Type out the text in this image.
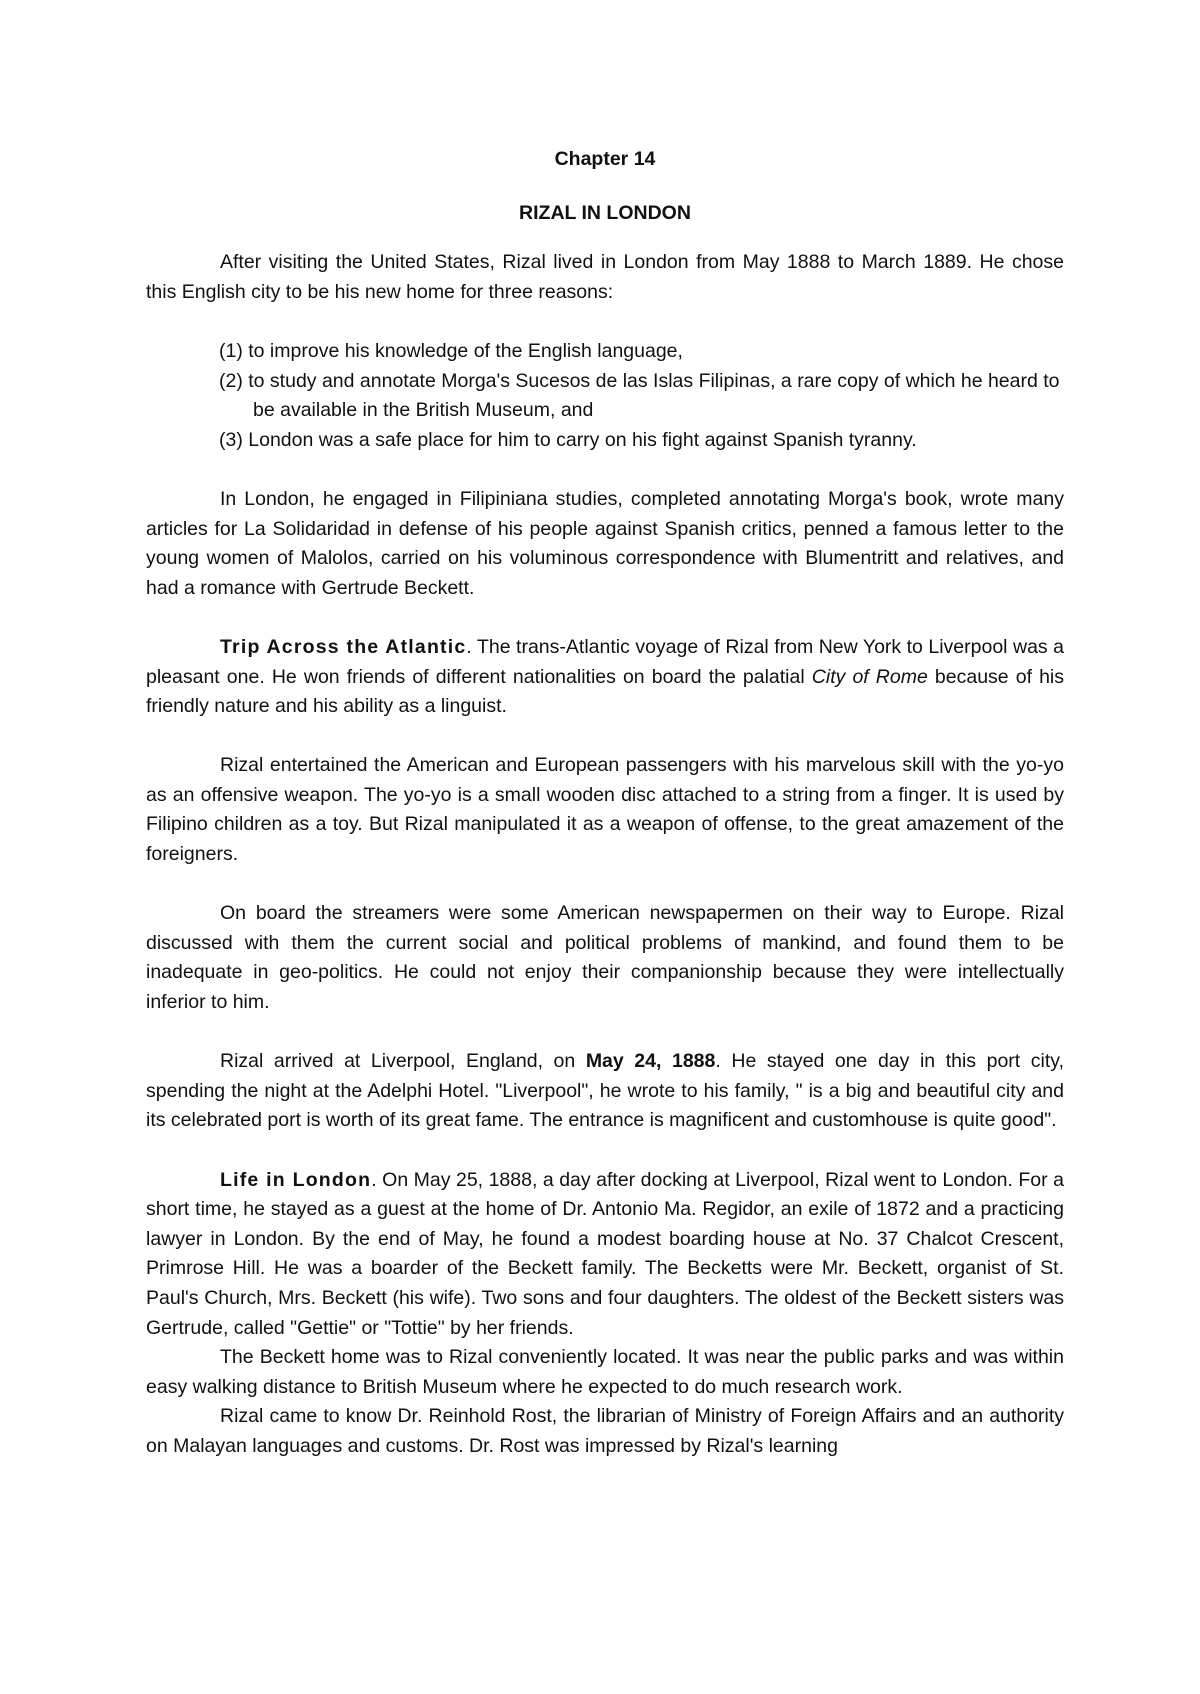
Chapter 14
RIZAL IN LONDON

After visiting the United States, Rizal lived in London from May 1888 to March 1889. He chose this English city to be his new home for three reasons:

(1) to improve his knowledge of the English language,
(2) to study and annotate Morga's Sucesos de las Islas Filipinas, a rare copy of which he heard to be available in the British Museum, and
(3) London was a safe place for him to carry on his fight against Spanish tyranny.

In London, he engaged in Filipiniana studies, completed annotating Morga's book, wrote many articles for La Solidaridad in defense of his people against Spanish critics, penned a famous letter to the young women of Malolos, carried on his voluminous correspondence with Blumentritt and relatives, and had a romance with Gertrude Beckett.

Trip Across the Atlantic. The trans-Atlantic voyage of Rizal from New York to Liverpool was a pleasant one. He won friends of different nationalities on board the palatial City of Rome because of his friendly nature and his ability as a linguist.

Rizal entertained the American and European passengers with his marvelous skill with the yo-yo as an offensive weapon. The yo-yo is a small wooden disc attached to a string from a finger. It is used by Filipino children as a toy. But Rizal manipulated it as a weapon of offense, to the great amazement of the foreigners.

On board the streamers were some American newspapermen on their way to Europe. Rizal discussed with them the current social and political problems of mankind, and found them to be inadequate in geo-politics. He could not enjoy their companionship because they were intellectually inferior to him.

Rizal arrived at Liverpool, England, on May 24, 1888. He stayed one day in this port city, spending the night at the Adelphi Hotel. "Liverpool", he wrote to his family, " is a big and beautiful city and its celebrated port is worth of its great fame. The entrance is magnificent and customhouse is quite good".

Life in London. On May 25, 1888, a day after docking at Liverpool, Rizal went to London. For a short time, he stayed as a guest at the home of Dr. Antonio Ma. Regidor, an exile of 1872 and a practicing lawyer in London. By the end of May, he found a modest boarding house at No. 37 Chalcot Crescent, Primrose Hill. He was a boarder of the Beckett family. The Becketts were Mr. Beckett, organist of St. Paul's Church, Mrs. Beckett (his wife). Two sons and four daughters. The oldest of the Beckett sisters was Gertrude, called "Gettie" or "Tottie" by her friends.

The Beckett home was to Rizal conveniently located. It was near the public parks and was within easy walking distance to British Museum where he expected to do much research work.

Rizal came to know Dr. Reinhold Rost, the librarian of Ministry of Foreign Affairs and an authority on Malayan languages and customs. Dr. Rost was impressed by Rizal's learning
